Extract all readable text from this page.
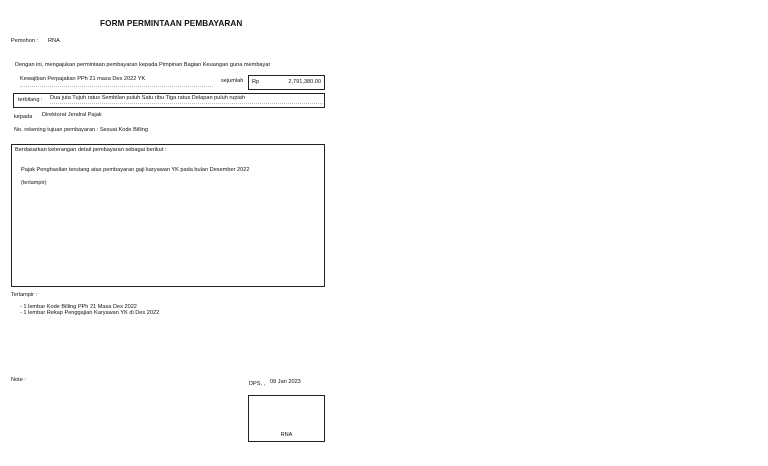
FORM PERMINTAAN PEMBAYARAN
Pemohon : RNA
Dengan ini, mengajukan permintaan pembayaran kepada Pimpinan Bagian Keuangan guna membayar
Kewajiban Perpajakan PPh 21 masa Des 2022 YK	sejumlah Rp	2,791,380.00
terbilang : Dua juta Tujuh ratus Sembilan puluh Satu ribu Tiga ratus Delapan puluh rupiah
kepada Direktorat Jendral Pajak
No. rekening tujuan pembayaran : Sesuai Kode Billing
Berdasarkan keterangan detail pembayaran sebagai berikut :
Pajak Penghasilan terutang atas pembayaran gaji karyawan YK pada bulan Desember 2022
(terlampir)
Terlampir :
- 1 lembar Kode Billing PPh 21 Masa Des 2022
- 1 lembar Rekap Penggajian Karyawan YK di Des 2022
Note :
DPS, , 08 Jan 2023
RNA
